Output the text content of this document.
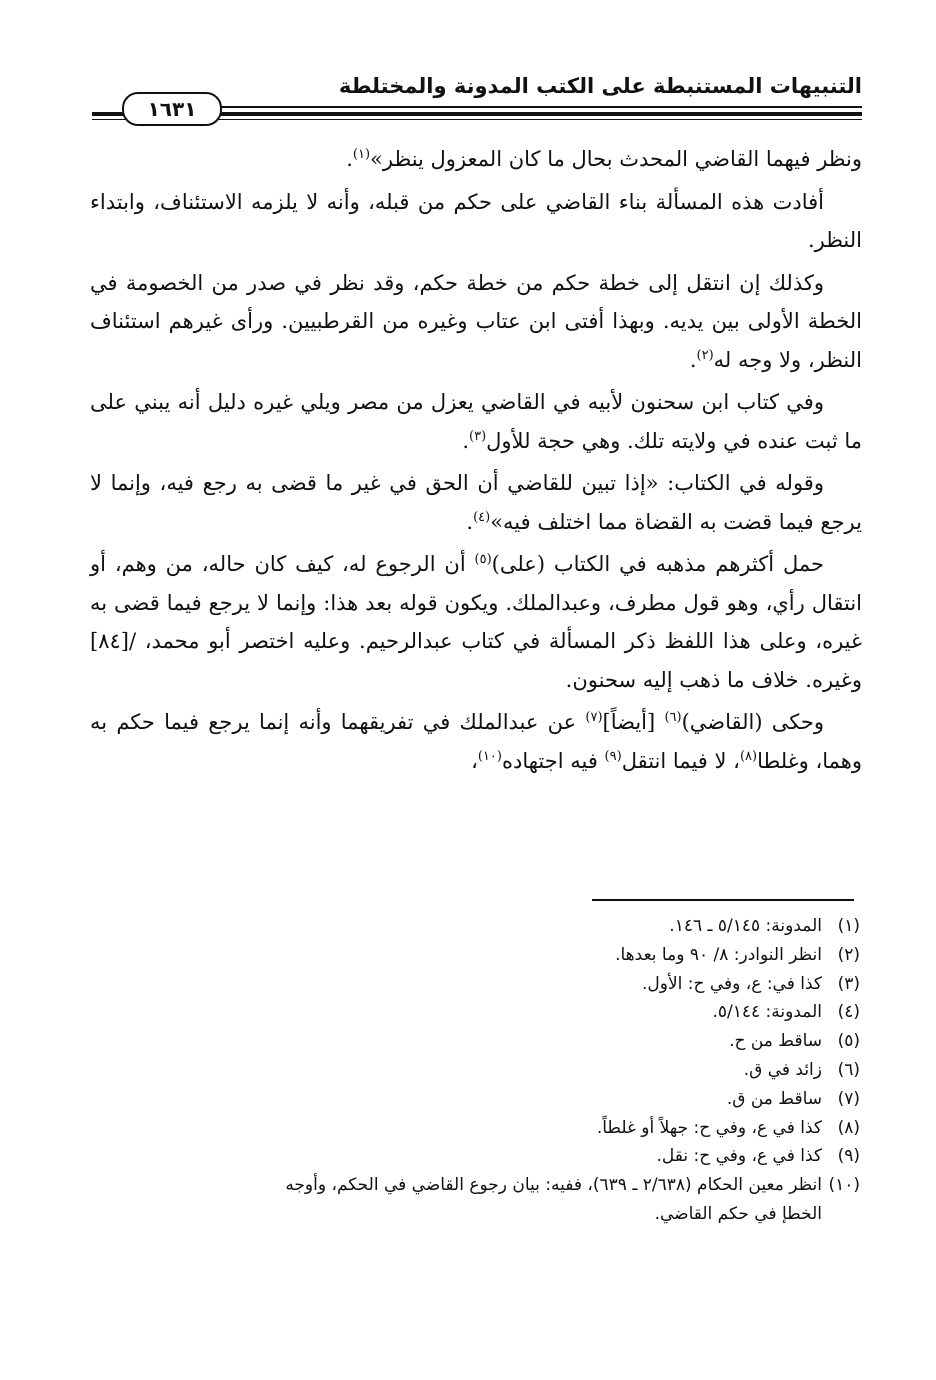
التنبيهات المستنبطة على الكتب المدونة والمختلطة
١٦٣١

ونظر فيهما القاضي المحدث بحال ما كان المعزول ينظر»$^{(١)}$.

أفادت هذه المسألة بناء القاضي على حكم من قبله، وأنه لا يلزمه الاستئناف، وابتداء النظر.

وكذلك إن انتقل إلى خطة حكم من خطة حكم، وقد نظر في صدر من الخصومة في الخطة الأولى بين يديه. وبهذا أفتى ابن عتاب وغيره من القرطبيين. ورأى غيرهم استئناف النظر، ولا وجه له$^{(٢)}$.

وفي كتاب ابن سحنون لأبيه في القاضي يعزل من مصر ويلي غيره دليل أنه يبني على ما ثبت عنده في ولايته تلك. وهي حجة للأول$^{(٣)}$.

وقوله في الكتاب: «إذا تبين للقاضي أن الحق في غير ما قضى به رجع فيه، وإنما لا يرجع فيما قضت به القضاة مما اختلف فيه»$^{(٤)}$.

حمل أكثرهم مذهبه في الكتاب (على)$^{(٥)}$ أن الرجوع له، كيف كان حاله، من وهم، أو انتقال رأي، وهو قول مطرف، وعبدالملك. ويكون قوله بعد هذا: وإنما لا يرجع فيما قضى به غيره، وعلى هذا اللفظ ذكر المسألة في كتاب عبدالرحيم. وعليه اختصر أبو محمد، /[٨٤] وغيره. خلاف ما ذهب إليه سحنون.

وحكى (القاضي)$^{(٦)}$ [أيضاً]$^{(٧)}$ عن عبدالملك في تفريقهما وأنه إنما يرجع فيما حكم به وهما، وغلطا$^{(٨)}$، لا فيما انتقل$^{(٩)}$ فيه اجتهاده$^{(١٠)}$،

(١)المدونة: ٥/١٤٥ ـ ١٤٦.
(٢)انظر النوادر: ٨/ ٩٠ وما بعدها.
(٣)كذا في: ع، وفي ح: الأول.
(٤)المدونة: ٥/١٤٤.
(٥)ساقط من ح.
(٦)زائد في ق.
(٧)ساقط من ق.
(٨)كذا في ع، وفي ح: جهلاً أو غلطاً.
(٩)كذا في ع، وفي ح: نقل.
(١٠)انظر معين الحكام (٢/٦٣٨ ـ ٦٣٩)، ففيه: بيان رجوع القاضي في الحكم، وأوجه
الخطإ في حكم القاضي.
